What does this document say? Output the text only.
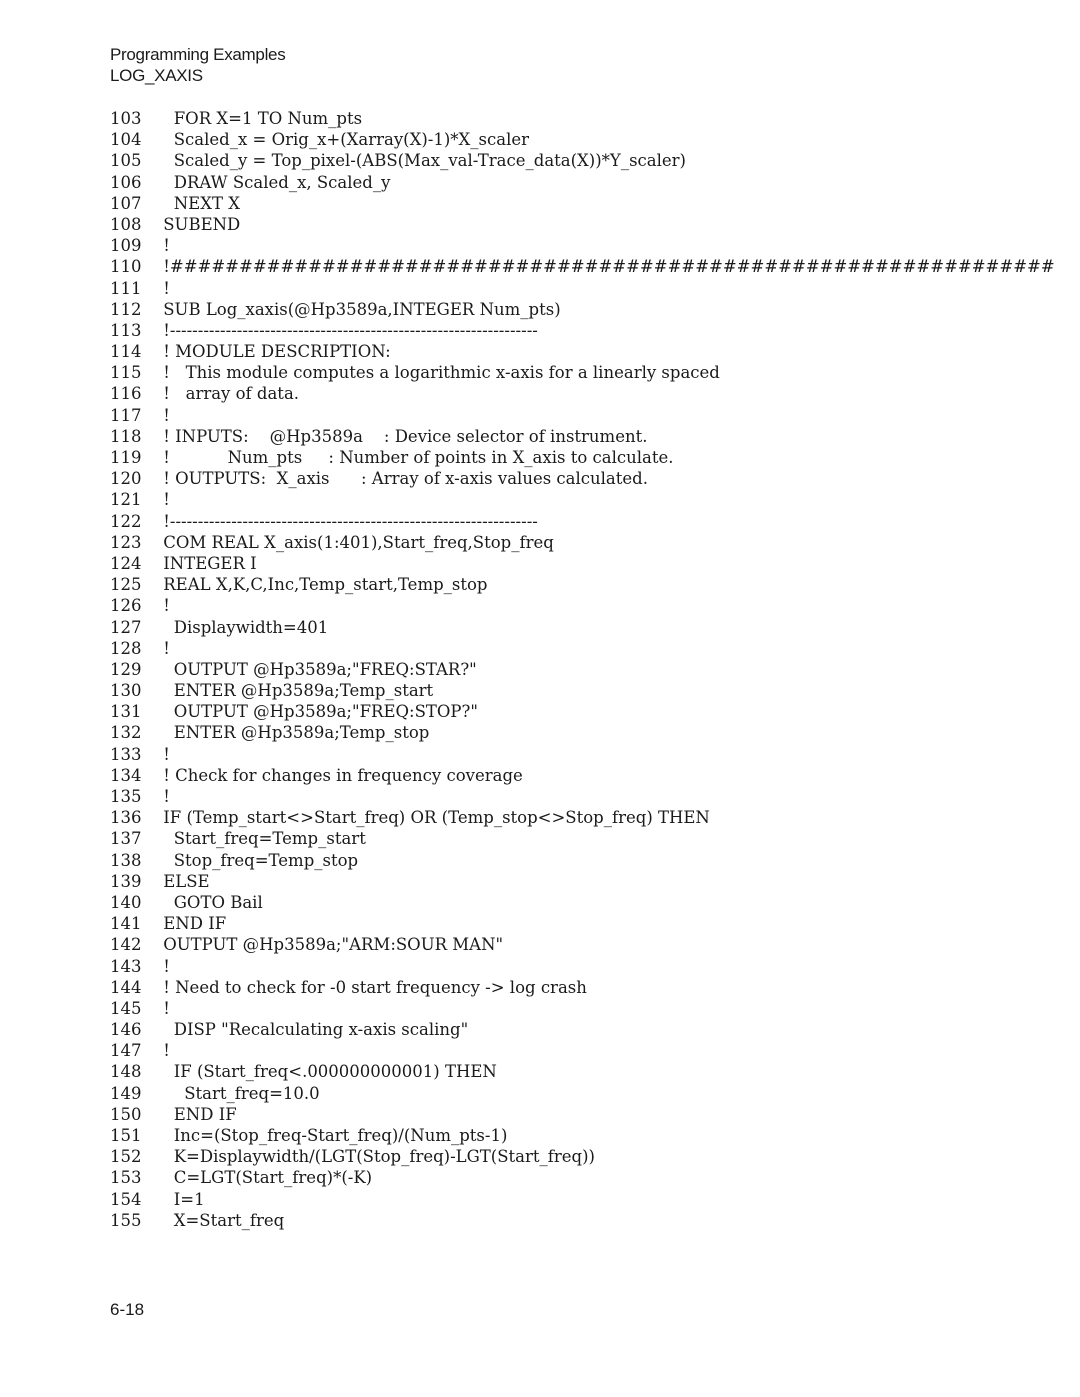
Programming Examples
LOG_XAXIS
103   FOR X=1 TO Num_pts
104   Scaled_x = Orig_x+(Xarray(X)-1)*X_scaler
105   Scaled_y = Top_pixel-(ABS(Max_val-Trace_data(X))*Y_scaler)
106   DRAW Scaled_x, Scaled_y
107   NEXT X
108 SUBEND
109 !
110 !################################################################
111 !
112 SUB Log_xaxis(@Hp3589a,INTEGER Num_pts)
113 !------------------------------------------------------------------
114 ! MODULE DESCRIPTION:
115 !   This module computes a logarithmic x-axis for a linearly spaced
116 !   array of data.
117 !
118 ! INPUTS:    @Hp3589a    : Device selector of instrument.
119 !           Num_pts     : Number of points in X_axis to calculate.
120 ! OUTPUTS:  X_axis      : Array of x-axis values calculated.
121 !
122 !------------------------------------------------------------------
123 COM REAL X_axis(1:401),Start_freq,Stop_freq
124 INTEGER I
125 REAL X,K,C,Inc,Temp_start,Temp_stop
126 !
127   Displaywidth=401
128 !
129   OUTPUT @Hp3589a;"FREQ:STAR?"
130   ENTER @Hp3589a;Temp_start
131   OUTPUT @Hp3589a;"FREQ:STOP?"
132   ENTER @Hp3589a;Temp_stop
133 !
134 ! Check for changes in frequency coverage
135 !
136 IF (Temp_start<>Start_freq) OR (Temp_stop<>Stop_freq) THEN
137   Start_freq=Temp_start
138   Stop_freq=Temp_stop
139 ELSE
140   GOTO Bail
141 END IF
142 OUTPUT @Hp3589a;"ARM:SOUR MAN"
143 !
144 ! Need to check for -0 start frequency -> log crash
145 !
146   DISP "Recalculating x-axis scaling"
147 !
148   IF (Start_freq<.000000000001) THEN
149     Start_freq=10.0
150   END IF
151   Inc=(Stop_freq-Start_freq)/(Num_pts-1)
152   K=Displaywidth/(LGT(Stop_freq)-LGT(Start_freq))
153   C=LGT(Start_freq)*(-K)
154   I=1
155   X=Start_freq
6-18
